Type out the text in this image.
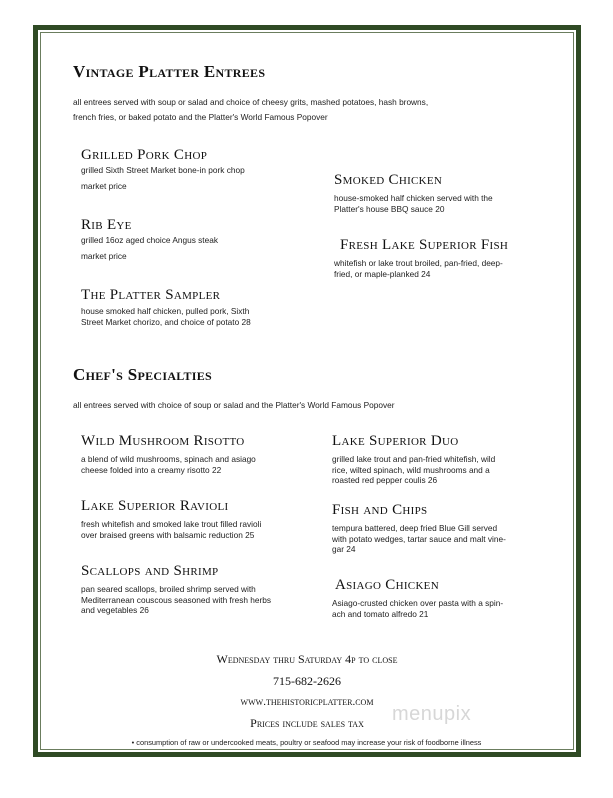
Vintage Platter Entrees
all entrees served with soup or salad and choice of cheesy grits, mashed potatoes, hash browns,
french fries, or baked potato and the Platter's World Famous Popover
Grilled Pork Chop
grilled Sixth Street Market bone-in pork chop
market price
Rib Eye
grilled 16oz aged choice Angus steak
market price
The Platter Sampler
house smoked half chicken, pulled pork, Sixth
Street Market chorizo, and choice of potato 28
Smoked Chicken
house-smoked half chicken served with the
Platter's house BBQ sauce 20
Fresh Lake Superior Fish
whitefish or lake trout broiled, pan-fried, deep-
fried, or maple-planked 24
Chef's Specialties
all entrees served with choice of soup or salad and the Platter's World Famous Popover
Wild Mushroom Risotto
a blend of wild mushrooms, spinach and asiago
cheese folded into a creamy risotto 22
Lake Superior Ravioli
fresh whitefish and smoked lake trout filled ravioli
over braised greens with balsamic reduction 25
Scallops and Shrimp
pan seared scallops, broiled shrimp served with
Mediterranean couscous seasoned with fresh herbs
and vegetables 26
Lake Superior Duo
grilled lake trout and pan-fried whitefish, wild
rice, wilted spinach, wild mushrooms and a
roasted red pepper coulis 26
Fish and Chips
tempura battered, deep fried Blue Gill served
with potato wedges, tartar sauce and malt vine-
gar 24
Asiago Chicken
Asiago-crusted chicken over pasta with a spin-
ach and tomato alfredo 21
Wednesday thru Saturday 4p to close
715-682-2626
www.thehistoricplatter.com
Prices include sales tax	menupix
• consumption of raw or undercooked meats, poultry or seafood may increase your risk of foodborne illness
